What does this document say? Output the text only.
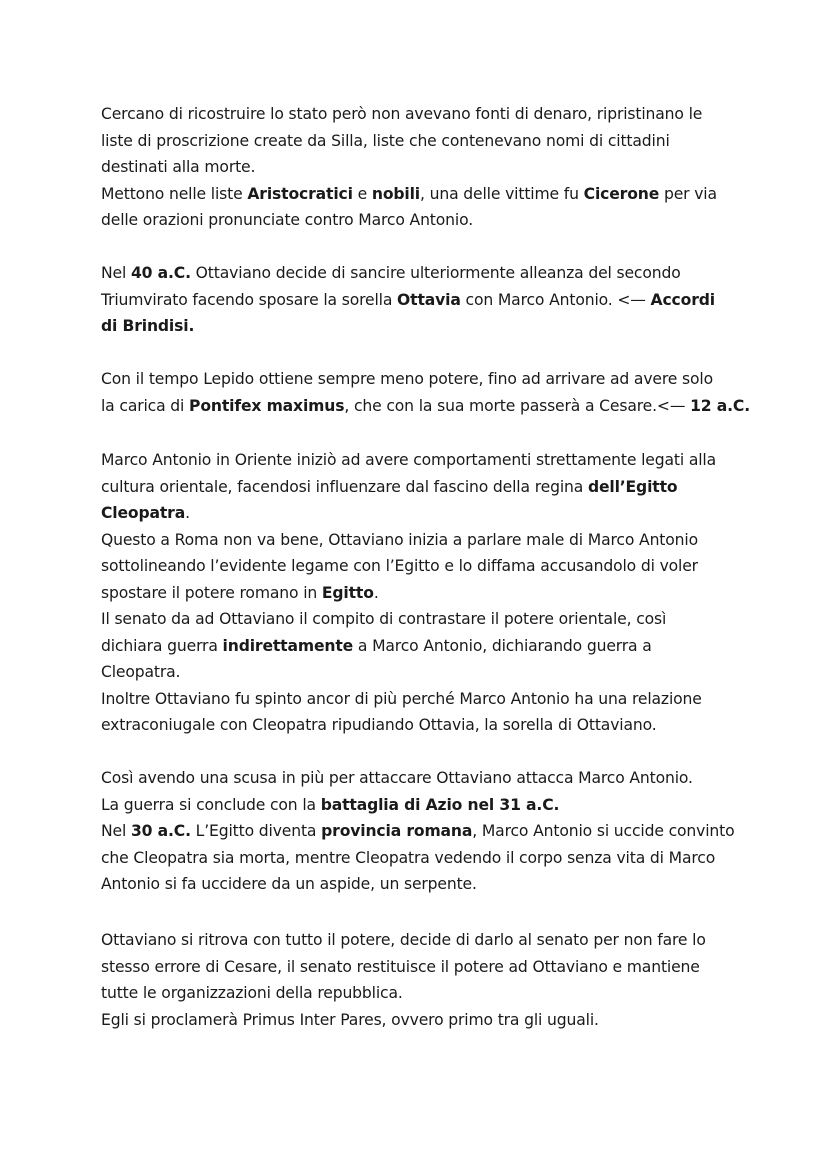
Cercano di ricostruire lo stato però non avevano fonti di denaro, ripristinano le
liste di proscrizione create da Silla, liste che contenevano nomi di cittadini
destinati alla morte.
Mettono nelle liste Aristocratici e nobili, una delle vittime fu Cicerone per via
delle orazioni pronunciate contro Marco Antonio.
Nel 40 a.C. Ottaviano decide di sancire ulteriormente alleanza del secondo
Triumvirato facendo sposare la sorella Ottavia con Marco Antonio. <— Accordi
di Brindisi.
Con il tempo Lepido ottiene sempre meno potere, fino ad arrivare ad avere solo
la carica di Pontifex maximus, che con la sua morte passerà a Cesare.<— 12 a.C.
Marco Antonio in Oriente iniziò ad avere comportamenti strettamente legati alla
cultura orientale, facendosi influenzare dal fascino della regina dell’Egitto
Cleopatra.
Questo a Roma non va bene, Ottaviano inizia a parlare male di Marco Antonio
sottolineando l’evidente legame con l’Egitto e lo diffama accusandolo di voler
spostare il potere romano in Egitto.
Il senato da ad Ottaviano il compito di contrastare il potere orientale, così
dichiara guerra indirettamente a Marco Antonio, dichiarando guerra a
Cleopatra.
Inoltre Ottaviano fu spinto ancor di più perché Marco Antonio ha una relazione
extraconiugale con Cleopatra ripudiando Ottavia, la sorella di Ottaviano.
Così avendo una scusa in più per attaccare Ottaviano attacca Marco Antonio.
La guerra si conclude con la battaglia di Azio nel 31 a.C.
Nel 30 a.C. L’Egitto diventa provincia romana, Marco Antonio si uccide convinto
che Cleopatra sia morta, mentre Cleopatra vedendo il corpo senza vita di Marco
Antonio si fa uccidere da un aspide, un serpente.
Ottaviano si ritrova con tutto il potere, decide di darlo al senato per non fare lo
stesso errore di Cesare, il senato restituisce il potere ad Ottaviano e mantiene
tutte le organizzazioni della repubblica.
Egli si proclamerà Primus Inter Pares, ovvero primo tra gli uguali.
